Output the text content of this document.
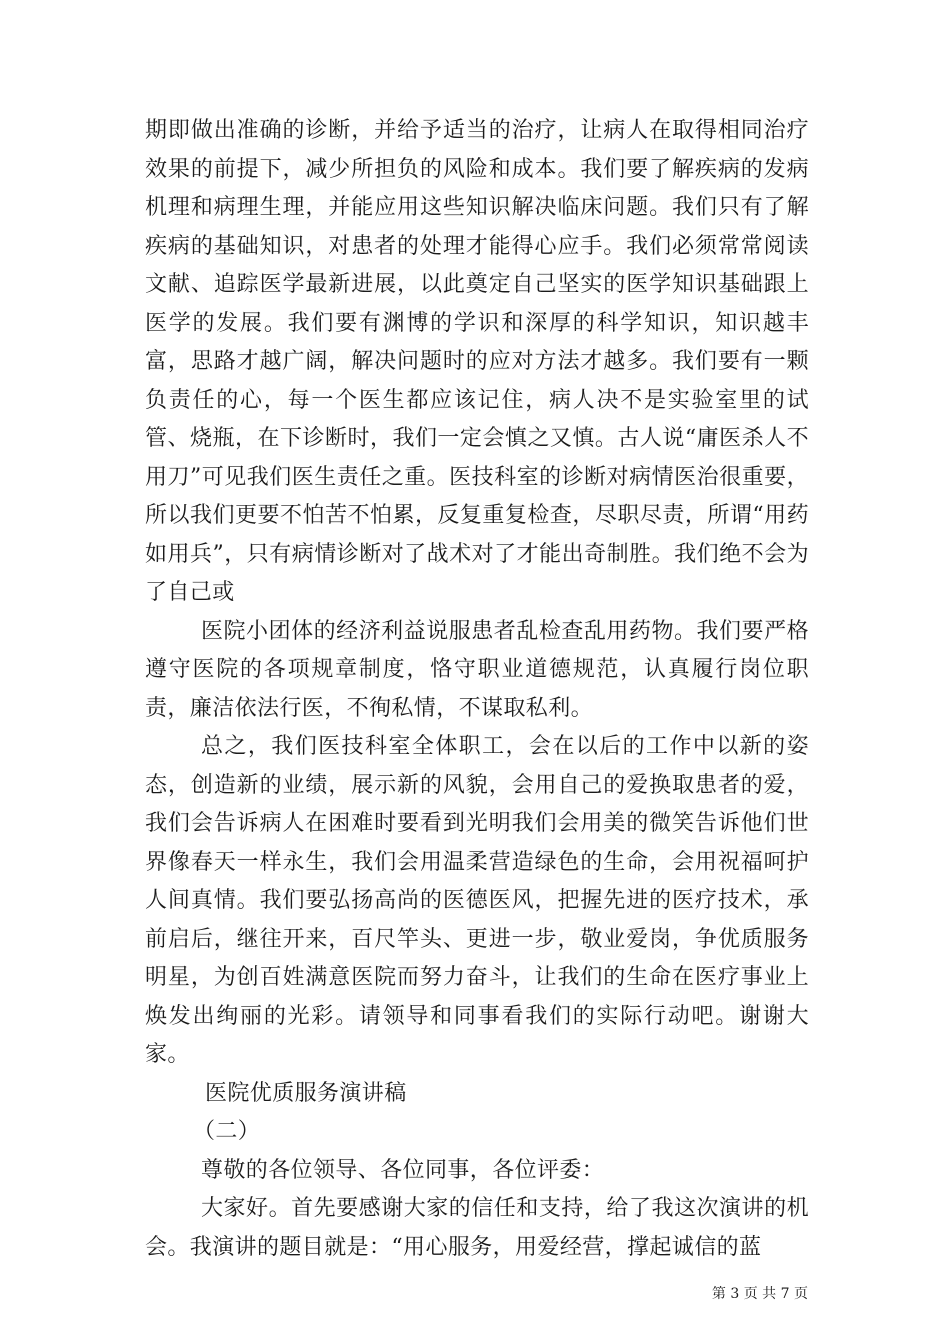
期即做出准确的诊断，并给予适当的治疗，让病人在取得相同治疗效果的前提下，减少所担负的风险和成本。我们要了解疾病的发病机理和病理生理，并能应用这些知识解决临床问题。我们只有了解疾病的基础知识，对患者的处理才能得心应手。我们必须常常阅读文献、追踪医学最新进展，以此奠定自己坚实的医学知识基础跟上医学的发展。我们要有渊博的学识和深厚的科学知识，知识越丰富，思路才越广阔，解决问题时的应对方法才越多。我们要有一颗负责任的心，每一个医生都应该记住，病人决不是实验室里的试管、烧瓶，在下诊断时，我们一定会慎之又慎。古人说“庸医杀人不用刀”可见我们医生责任之重。医技科室的诊断对病情医治很重要，所以我们更要不怕苦不怕累，反复重复检查，尽职尽责，所谓“用药如用兵”，只有病情诊断对了战术对了才能出奇制胜。我们绝不会为了自己或

医院小团体的经济利益说服患者乱检查乱用药物。我们要严格遵守医院的各项规章制度，恪守职业道德规范，认真履行岗位职责，廉洁依法行医，不徇私情，不谋取私利。

总之，我们医技科室全体职工，会在以后的工作中以新的姿态，创造新的业绩，展示新的风貌，会用自己的爱换取患者的爱，我们会告诉病人在困难时要看到光明我们会用美的微笑告诉他们世界像春天一样永生，我们会用温柔营造绿色的生命，会用祝福呵护人间真情。我们要弘扬高尚的医德医风，把握先进的医疗技术，承前启后，继往开来，百尺竿头、更进一步，敬业爱岗，争优质服务明星，为创百姓满意医院而努力奋斗，让我们的生命在医疗事业上焕发出绚丽的光彩。请领导和同事看我们的实际行动吧。谢谢大家。

医院优质服务演讲稿

（二）

尊敬的各位领导、各位同事，各位评委：

大家好。首先要感谢大家的信任和支持，给了我这次演讲的机会。我演讲的题目就是：“用心服务，用爱经营，撑起诚信的蓝

第 3 页 共 7 页
